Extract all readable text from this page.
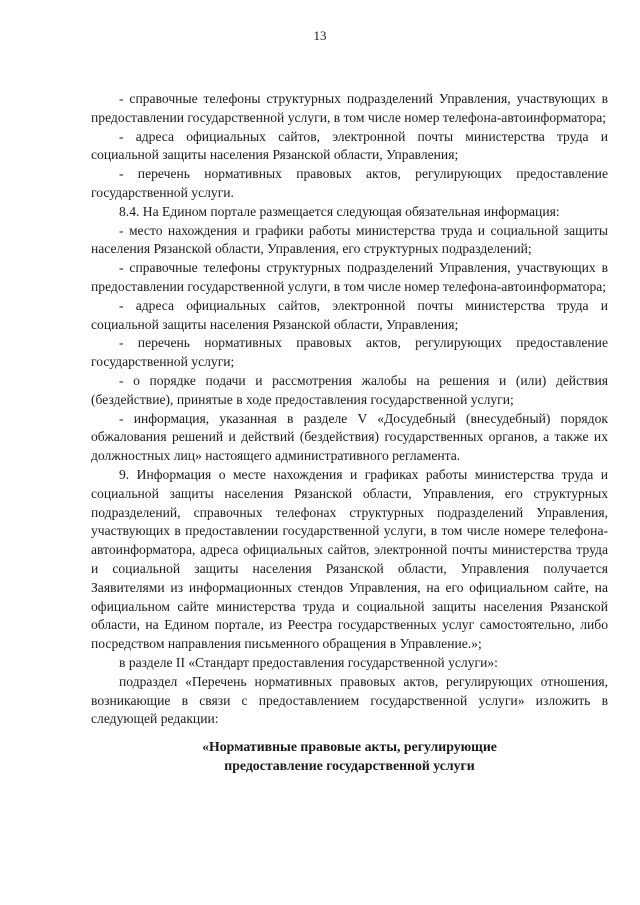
13

- справочные телефоны структурных подразделений Управления, участвующих в предоставлении государственной услуги, в том числе номер телефона-автоинформатора;

- адреса официальных сайтов, электронной почты министерства труда и социальной защиты населения Рязанской области, Управления;

- перечень нормативных правовых актов, регулирующих предоставление государственной услуги.

8.4. На Едином портале размещается следующая обязательная информация:

- место нахождения и графики работы министерства труда и социальной защиты населения Рязанской области, Управления, его структурных подразделений;

- справочные телефоны структурных подразделений Управления, участвующих в предоставлении государственной услуги, в том числе номер телефона-автоинформатора;

- адреса официальных сайтов, электронной почты министерства труда и социальной защиты населения Рязанской области, Управления;

- перечень нормативных правовых актов, регулирующих предоставление государственной услуги;

- о порядке подачи и рассмотрения жалобы на решения и (или) действия (бездействие), принятые в ходе предоставления государственной услуги;

- информация, указанная в разделе V «Досудебный (внесудебный) порядок обжалования решений и действий (бездействия) государственных органов, а также их должностных лиц» настоящего административного регламента.

9. Информация о месте нахождения и графиках работы министерства труда и социальной защиты населения Рязанской области, Управления, его структурных подразделений, справочных телефонах структурных подразделений Управления, участвующих в предоставлении государственной услуги, в том числе номере телефона-автоинформатора, адреса официальных сайтов, электронной почты министерства труда и социальной защиты населения Рязанской области, Управления получается Заявителями из информационных стендов Управления, на его официальном сайте, на официальном сайте министерства труда и социальной защиты населения Рязанской области, на Едином портале, из Реестра государственных услуг самостоятельно, либо посредством направления письменного обращения в Управление.»;

в разделе II «Стандарт предоставления государственной услуги»:

подраздел «Перечень нормативных правовых актов, регулирующих отношения, возникающие в связи с предоставлением государственной услуги» изложить в следующей редакции:

«Нормативные правовые акты, регулирующие
предоставление государственной услуги
